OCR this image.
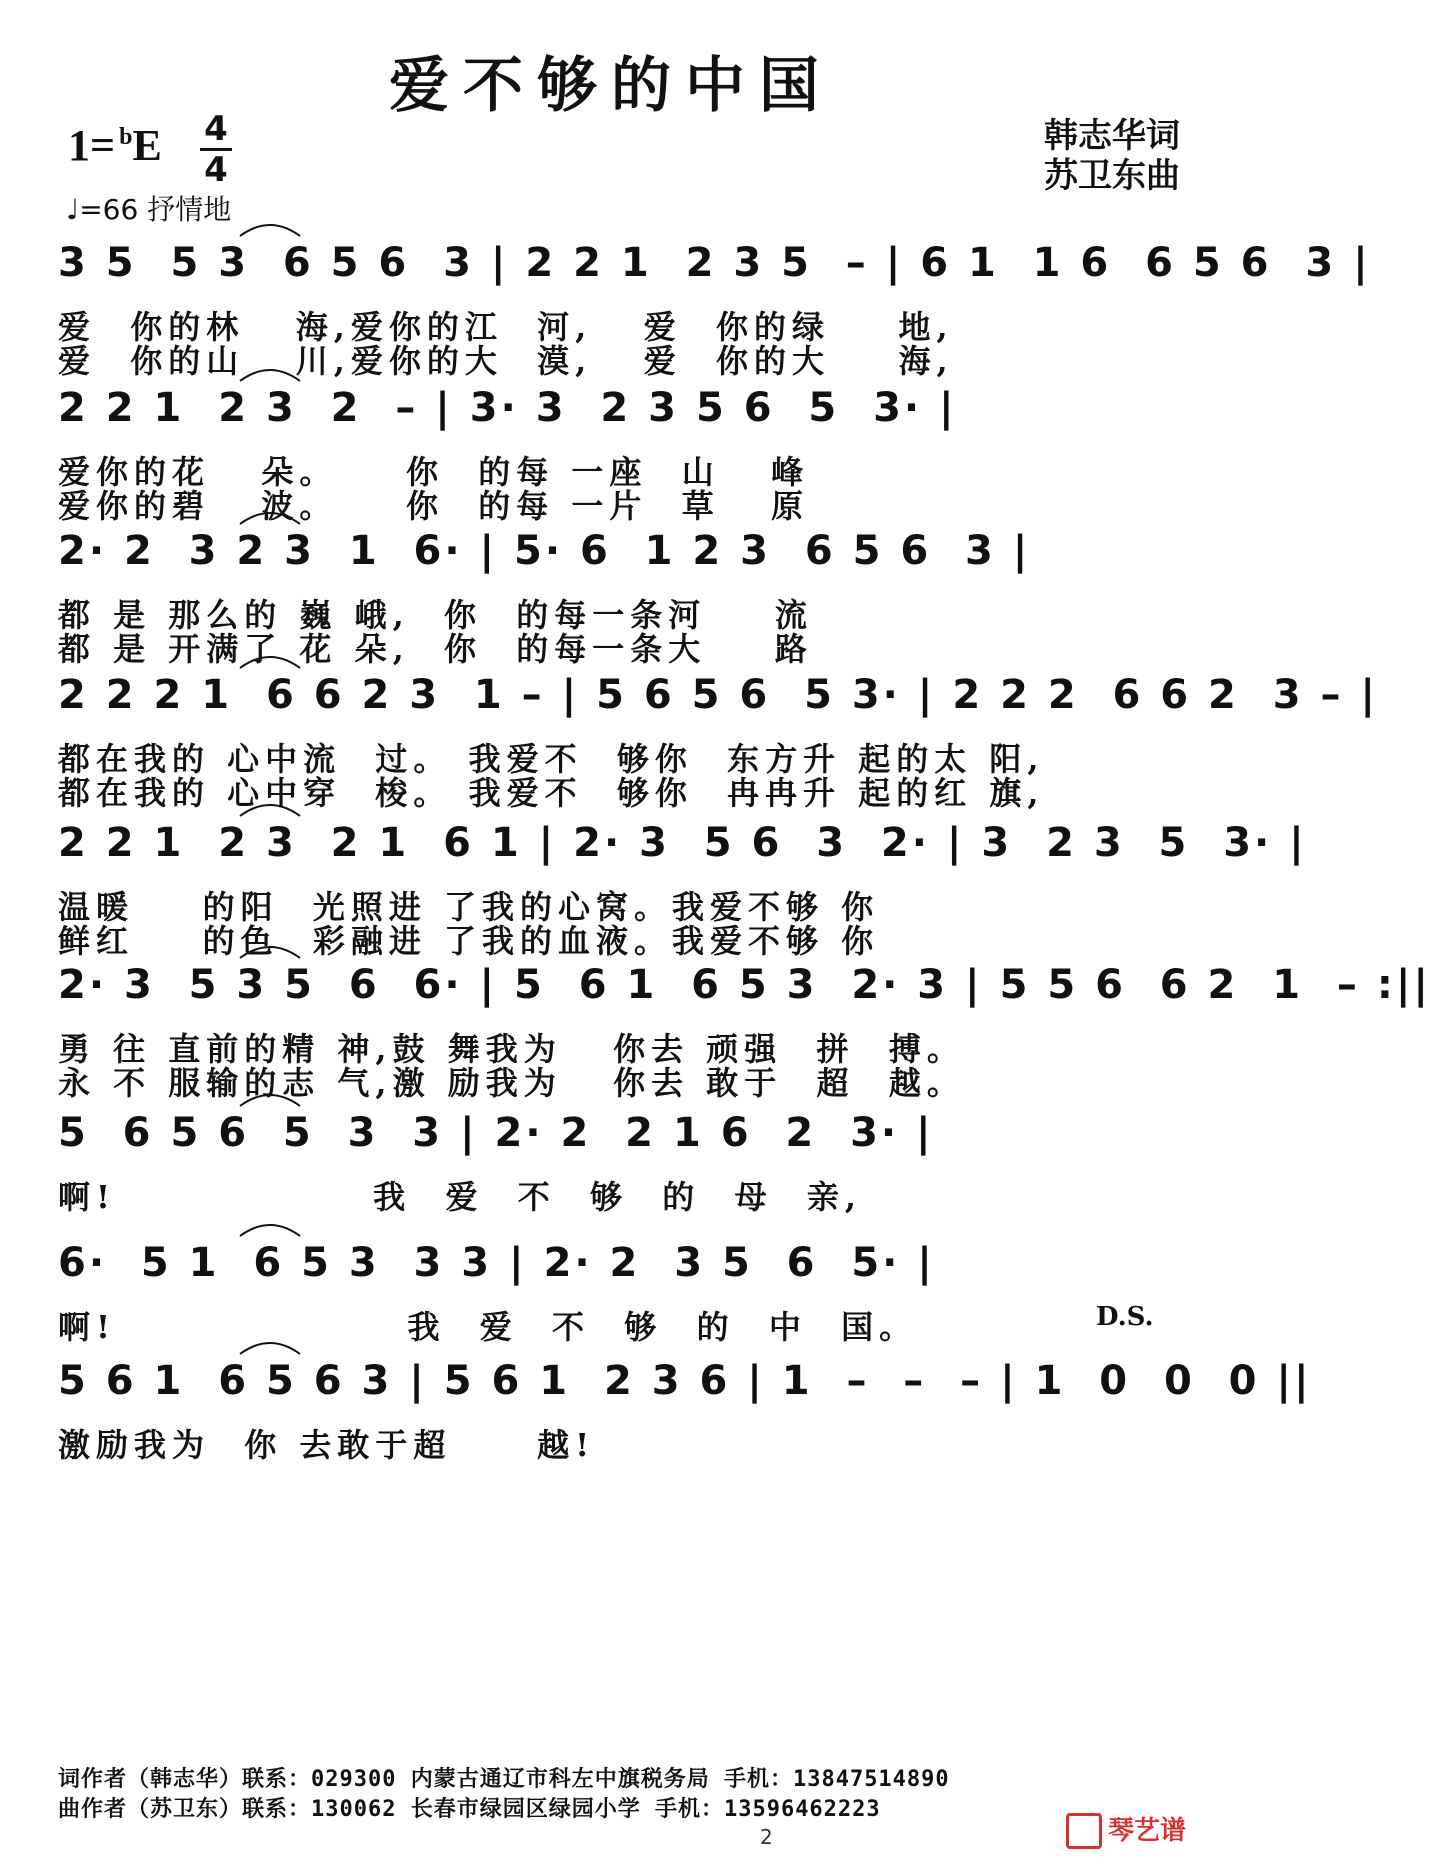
爱不够的中国
1= $^b$E 4
4
♩=66 抒情地
韩志华词
苏卫东曲
3 5  5 3  6 5 6  3 | 2 2 1  2 3 5  – | 6 1  1 6  6 5 6  3 |
爱  你的林   海,爱你的江  河,   爱  你的绿    地,
爱  你的山   川,爱你的大  漠,   爱  你的大    海,
2 2 1  2 3  2  – | 3· 3  2 3 5 6  5  3· |
爱你的花   朵。    你  的每 一座  山   峰
爱你的碧   波。    你  的每 一片  草   原
2· 2  3 2 3  1  6· | 5· 6  1 2 3  6 5 6  3 |
都 是 那么的 巍 峨,  你  的每一条河    流
都 是 开满了 花 朵,  你  的每一条大    路
2 2 2 1  6 6 2 3  1 – | 5 6 5 6  5 3· | 2 2 2  6 6 2  3 – |
都在我的 心中流  过。 我爱不  够你  东方升 起的太 阳,
都在我的 心中穿  梭。 我爱不  够你  冉冉升 起的红 旗,
2 2 1  2 3  2 1  6 1 | 2· 3  5 6  3  2· | 3  2 3  5  3· |
温暖    的阳  光照进 了我的心窝。我爱不够 你
鲜红    的色  彩融进 了我的血液。我爱不够 你
2· 3  5 3 5  6  6· | 5  6 1  6 5 3  2· 3 | 5 5 6  6 2  1  – :||
勇 往 直前的精 神,鼓 舞我为   你去 顽强  拼  搏。
永 不 服输的志 气,激 励我为   你去 敢于  超  越。
5  6 5 6  5  3  3 | 2· 2  2 1 6  2  3· |
啊!               我  爱  不  够  的  母  亲,
6·  5 1  6 5 3  3 3 | 2· 2  3 5  6  5· |
啊!                 我  爱  不  够  的  中  国。	D.S.
5 6 1  6 5 6 3 | 5 6 1  2 3 6 | 1  –  –  – | 1  0  0  0 ||
激励我为  你 去敢于超     越!
词作者（韩志华）联系：029300 内蒙古通辽市科左中旗税务局 手机：13847514890
曲作者（苏卫东）联系：130062 长春市绿园区绿园小学 手机：13596462223
2	琴艺谱
